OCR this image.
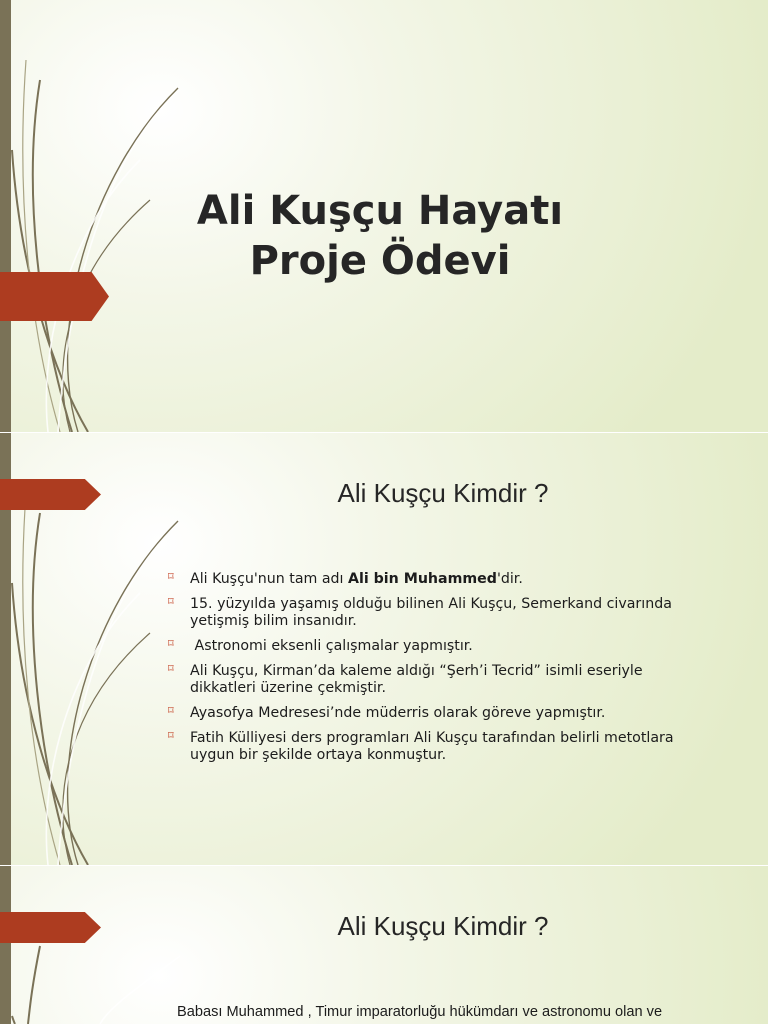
Ali Kuşçu Hayatı
Proje Ödevi
Ali Kuşçu Kimdir ?
⌑ Ali Kuşçu'nun tam adı Ali bin Muhammed'dir.
⌑ 15. yüzyılda yaşamış olduğu bilinen Ali Kuşçu, Semerkand civarında
yetişmiş bilim insanıdır.
⌑ Astronomi eksenli çalışmalar yapmıştır.
⌑ Ali Kuşçu, Kirman’da kaleme aldığı “Şerh’i Tecrid” isimli eseriyle
dikkatleri üzerine çekmiştir.
⌑ Ayasofya Medresesi’nde müderris olarak göreve yapmıştır.
⌑ Fatih Külliyesi ders programları Ali Kuşçu tarafından belirli metotlara
uygun bir şekilde ortaya konmuştur.
Ali Kuşçu Kimdir ?

Babası Muhammed , Timur imparatorluğu hükümdarı ve astronomu olan ve
